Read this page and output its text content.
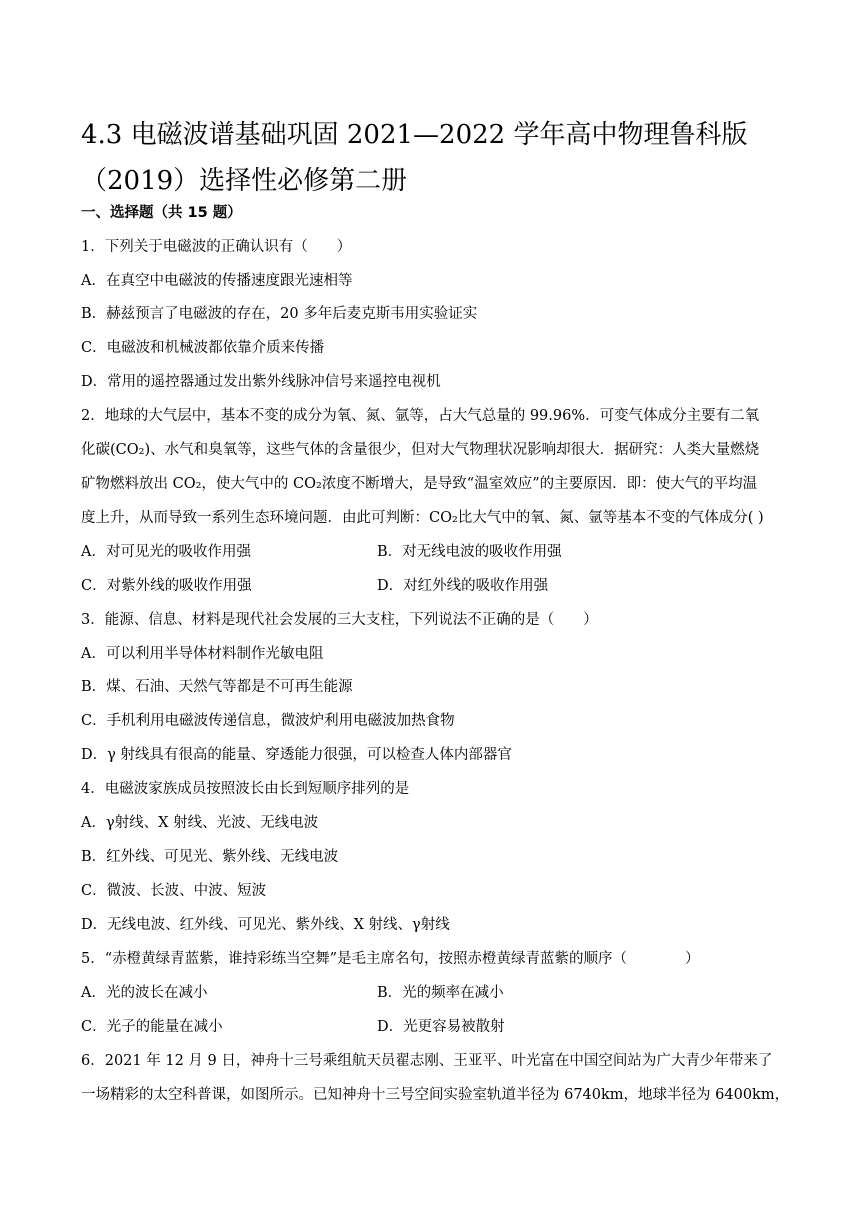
4.3 电磁波谱基础巩固 2021—2022 学年高中物理鲁科版（2019）选择性必修第二册
一、选择题（共 15 题）
1．下列关于电磁波的正确认识有（　　）
A．在真空中电磁波的传播速度跟光速相等
B．赫兹预言了电磁波的存在，20 多年后麦克斯韦用实验证实
C．电磁波和机械波都依靠介质来传播
D．常用的遥控器通过发出紫外线脉冲信号来遥控电视机
2．地球的大气层中，基本不变的成分为氧、氮、氩等，占大气总量的 99.96%．可变气体成分主要有二氧
化碳(CO₂)、水气和臭氧等，这些气体的含量很少，但对大气物理状况影响却很大．据研究：人类大量燃烧
矿物燃料放出 CO₂，使大气中的 CO₂浓度不断增大，是导致“温室效应”的主要原因．即：使大气的平均温
度上升，从而导致一系列生态环境问题．由此可判断：CO₂比大气中的氧、氮、氩等基本不变的气体成分( )
A．对可见光的吸收作用强	B．对无线电波的吸收作用强
C．对紫外线的吸收作用强	D．对红外线的吸收作用强
3．能源、信息、材料是现代社会发展的三大支柱，下列说法不正确的是（　　）
A．可以利用半导体材料制作光敏电阻
B．煤、石油、天然气等都是不可再生能源
C．手机利用电磁波传递信息，微波炉利用电磁波加热食物
D．γ 射线具有很高的能量、穿透能力很强，可以检查人体内部器官
4．电磁波家族成员按照波长由长到短顺序排列的是
A．γ射线、X 射线、光波、无线电波
B．红外线、可见光、紫外线、无线电波
C．微波、长波、中波、短波
D．无线电波、红外线、可见光、紫外线、X 射线、γ射线
5．“赤橙黄绿青蓝紫，谁持彩练当空舞”是毛主席名句，按照赤橙黄绿青蓝紫的顺序（　　　　）
A．光的波长在减小	B．光的频率在减小
C．光子的能量在减小	D．光更容易被散射
6．2021 年 12 月 9 日，神舟十三号乘组航天员翟志刚、王亚平、叶光富在中国空间站为广大青少年带来了
一场精彩的太空科普课，如图所示。已知神舟十三号空间实验室轨道半径为 6740km，地球半径为 6400km，
